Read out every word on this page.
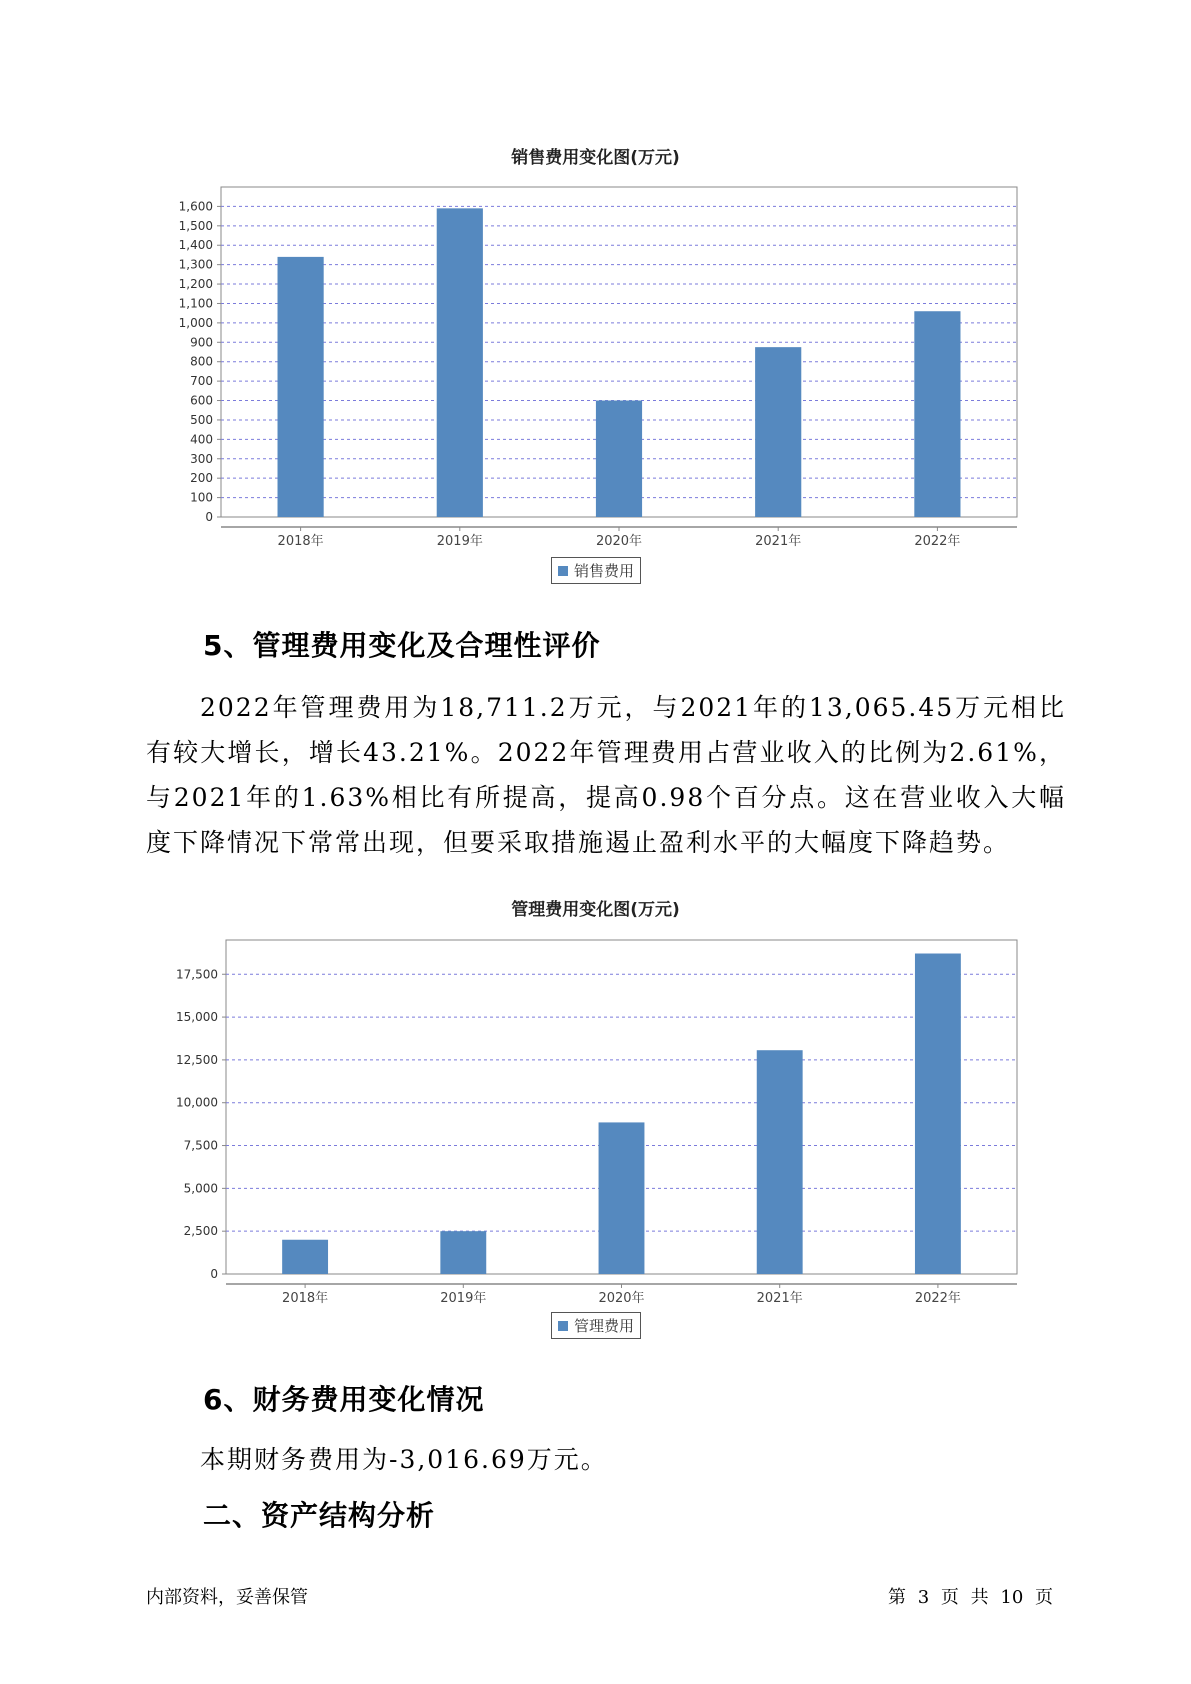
销售费用变化图(万元)
0
100
200
300
400
500
600
700
800
900
1,000
1,100
1,200
1,300
1,400
1,500
1,600
2018年	2019年	2020年	2021年	2022年
销售费用
5、管理费用变化及合理性评价
2022年管理费用为18,711.2万元，与2021年的13,065.45万元相比有较大增长，增长43.21%。2022年管理费用占营业收入的比例为2.61%，与2021年的1.63%相比有所提高，提高0.98个百分点。这在营业收入大幅度下降情况下常常出现，但要采取措施遏止盈利水平的大幅度下降趋势。
管理费用变化图(万元)
0
2,500
5,000
7,500
10,000
12,500
15,000
17,500
2018年	2019年	2020年	2021年	2022年
管理费用
6、财务费用变化情况
本期财务费用为-3,016.69万元。
二、资产结构分析
内部资料，妥善保管	第 3 页 共 10 页
